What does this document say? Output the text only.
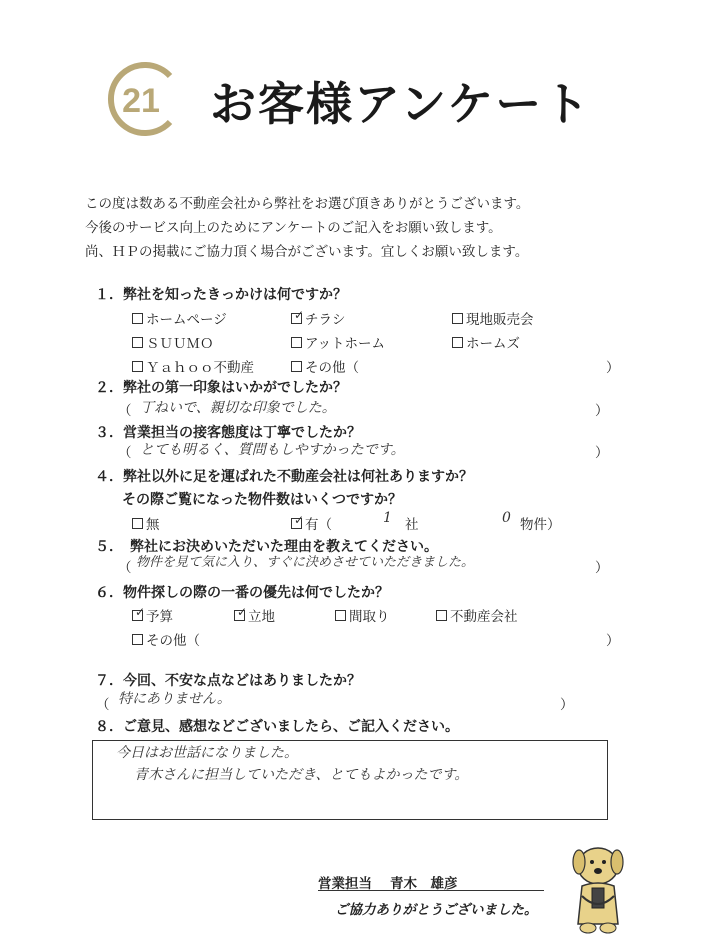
21 お客様アンケート
この度は数ある不動産会社から弊社をお選び頂きありがとうございます。
今後のサービス向上のためにアンケートのご記入をお願い致します。
尚、ＨＰの掲載にご協力頂く場合がございます。宜しくお願い致します。
１．弊社を知ったきっかけは何ですか？
ホームページ	✓ チラシ	現地販売会
ＳＵＵＭＯ	アットホーム	ホームズ
Ｙａｈｏｏ不動産	その他（	）
２．弊社の第一印象はいかがでしたか？
（ 丁ねいで、親切な印象でした。	）
３．営業担当の接客態度は丁寧でしたか？
（ とても明るく、質問もしやすかったです。	）
４．弊社以外に足を運ばれた不動産会社は何社ありますか？
その際ご覧になった物件数はいくつですか？
無	✓ 有（	1 社	0 物件）
５．　弊社にお決めいただいた理由を教えてください。
（ 物件を見て気に入り、すぐに決めさせていただきました。	）
６．物件探しの際の一番の優先は何でしたか？
✓ 予算	✓ 立地	間取り	不動産会社
その他（	）
７．今回、不安な点などはありましたか？
（ 特にありません。	）
８．ご意見、感想などございましたら、ご記入ください。
今日はお世話になりました。
青木さんに担当していただき、とてもよかったです。
営業担当 青木　雄彦
ご協力ありがとうございました。
